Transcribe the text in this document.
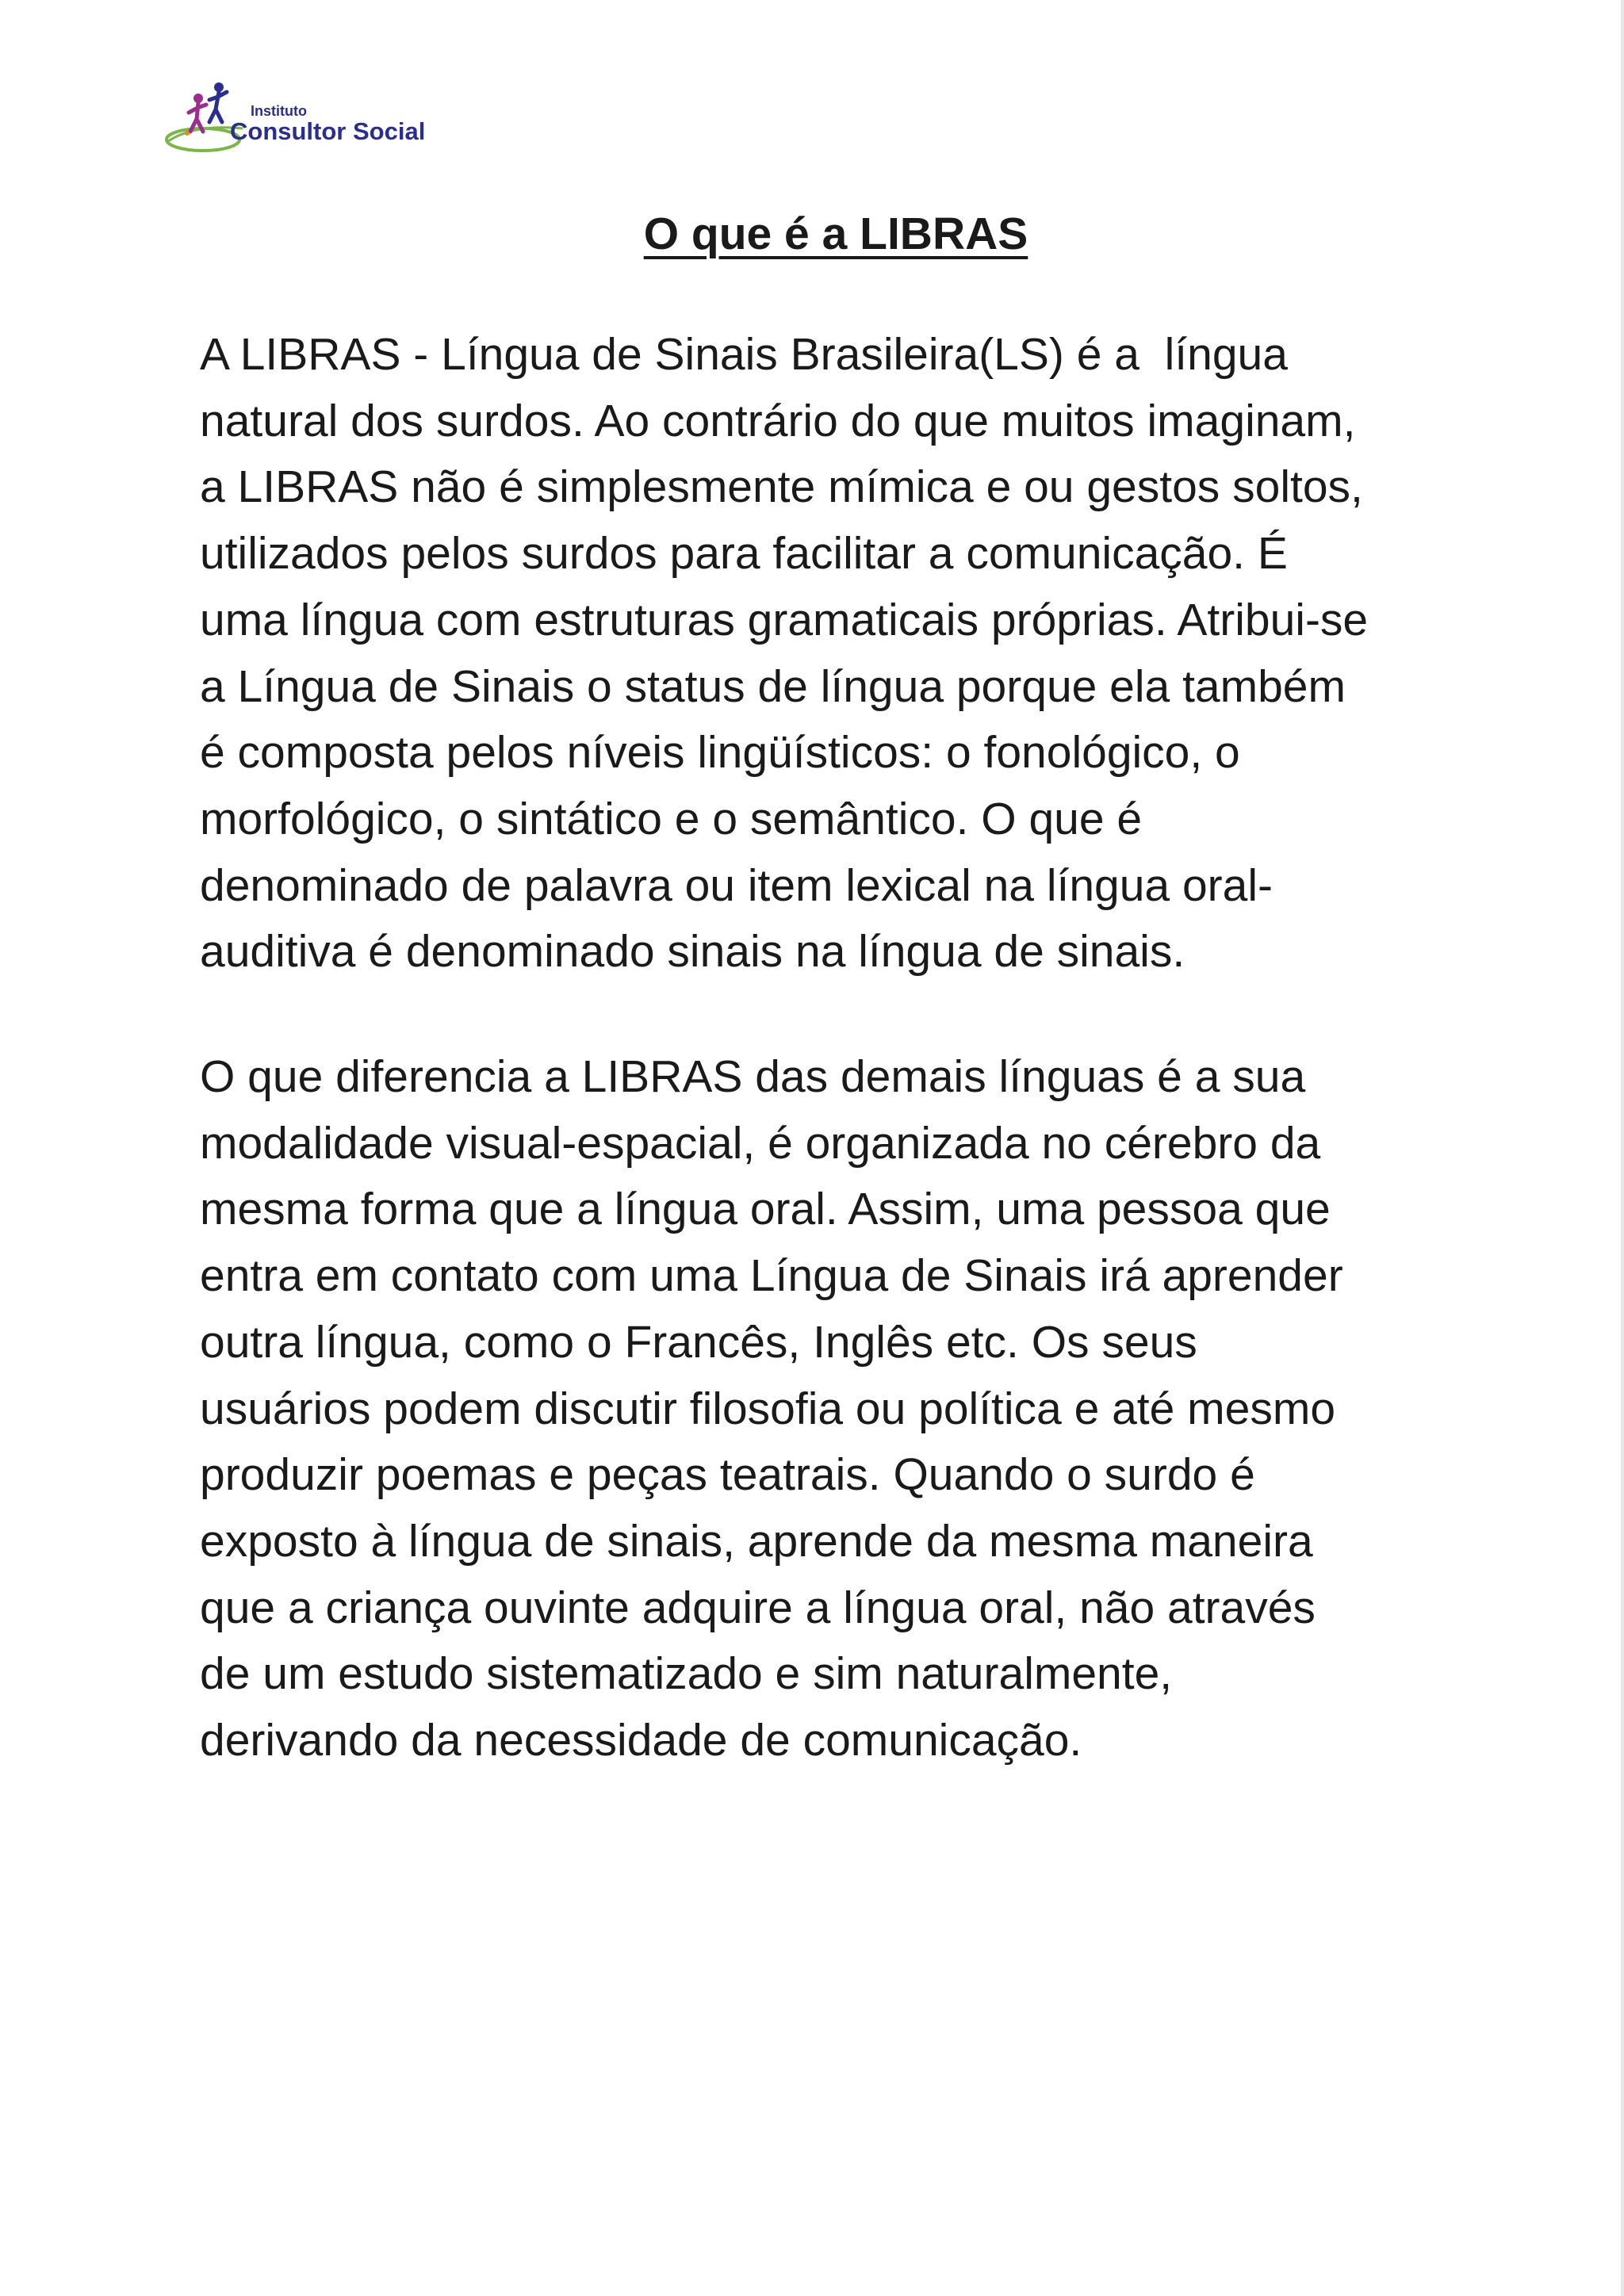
Instituto
Consultor Social
O que é a LIBRAS
A LIBRAS - Língua de Sinais Brasileira(LS) é a  língua
natural dos surdos. Ao contrário do que muitos imaginam,
a LIBRAS não é simplesmente mímica e ou gestos soltos,
utilizados pelos surdos para facilitar a comunicação. É
uma língua com estruturas gramaticais próprias. Atribui-se
a Língua de Sinais o status de língua porque ela também
é composta pelos níveis lingüísticos: o fonológico, o
morfológico, o sintático e o semântico. O que é
denominado de palavra ou item lexical na língua oral-
auditiva é denominado sinais na língua de sinais.
O que diferencia a LIBRAS das demais línguas é a sua
modalidade visual-espacial, é organizada no cérebro da
mesma forma que a língua oral. Assim, uma pessoa que
entra em contato com uma Língua de Sinais irá aprender
outra língua, como o Francês, Inglês etc. Os seus
usuários podem discutir filosofia ou política e até mesmo
produzir poemas e peças teatrais. Quando o surdo é
exposto à língua de sinais, aprende da mesma maneira
que a criança ouvinte adquire a língua oral, não através
de um estudo sistematizado e sim naturalmente,
derivando da necessidade de comunicação.
